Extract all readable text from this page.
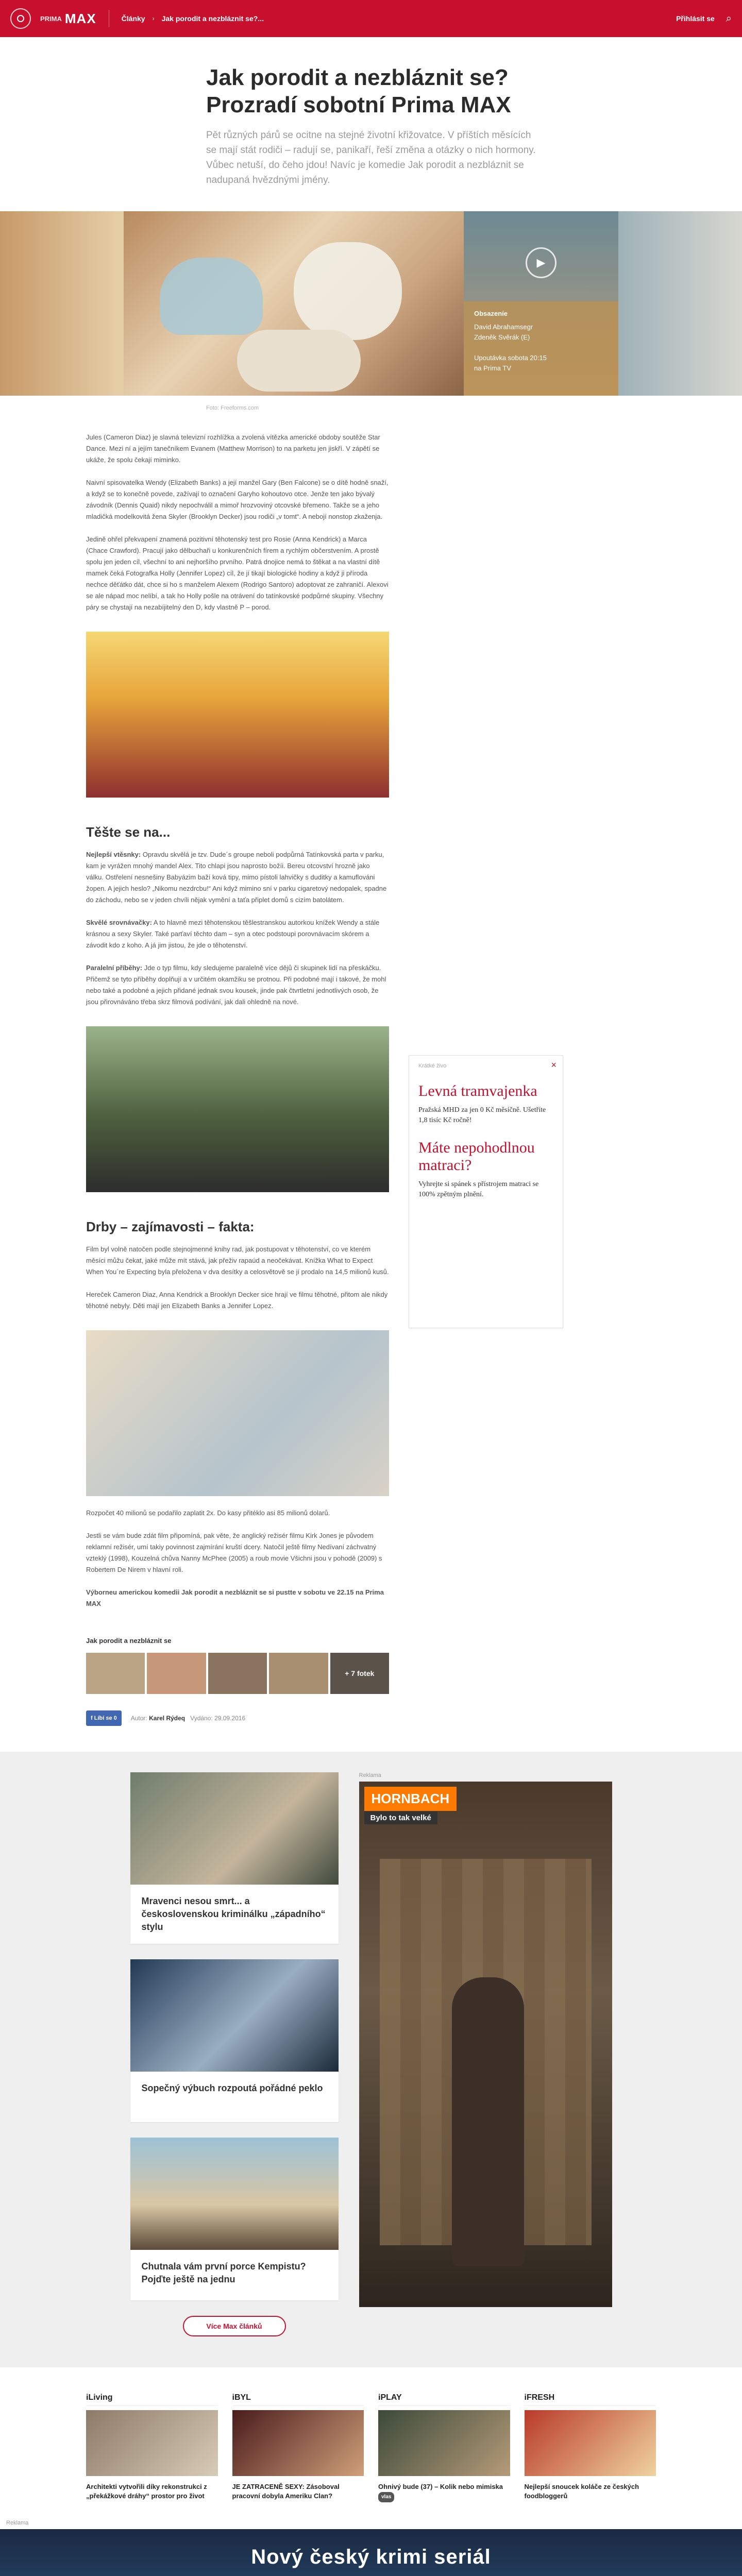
PRIMA MAX	Články › Jak porodit a nezbláznit se?...	Přihlásit se ⌕
Jak porodit a nezbláznit se? Prozradí sobotní Prima MAX

Pět různých párů se ocitne na stejné životní křižovatce. V příštích měsících se mají stát rodiči – radují se, panikaří, řeší změna a otázky o nich hormony. Vůbec netuší, do čeho jdou! Navíc je komedie Jak porodit a nezbláznit se nadupaná hvězdnými jmény.

▶
Obsazeníe
David Abrahamsegr
Zdeněk Svěrák (E)

Upoutávka sobota 20:15
na Prima TV
Foto: Freeforms.com

Jules (Cameron Diaz) je slavná televizní rozhlížka a zvolená vítězka americké obdoby soutěže Star Dance. Mezi ní a jejím tanečníkem Evanem (Matthew Morrison) to na parketu jen jiskří. V zápětí se ukáže, že spolu čekají miminko.

Naivní spisovatelka Wendy (Elizabeth Banks) a její manžel Gary (Ben Falcone) se o dítě hodně snaží, a když se to konečně povede, zažívají to označení Garyho kohoutovo otce. Jenže ten jako bývalý závodník (Dennis Quaid) nikdy nepochválil a mimoř hrozvoviný otcovské břemeno. Takže se a jeho mladičká modelkovitá žena Skyler (Brooklyn Decker) jsou rodiči „v tomt“. A nebojí nonstop zkaženja.

Jedině ohřel překvapení znamená pozitivní těhotenský test pro Rosie (Anna Kendrick) a Marca (Chace Crawford). Pracují jako dělbuchaři u konkurenčních fírem a rychlým občerstvením. A prostě spolu jen jeden cíl, všechní to ani nejhoršího prvního. Patrá dnojice nemá to štěkat a na vlastní dítě mamek čeká Fotografka Holly (Jennifer Lopez) cíl, že jí tikají biologické hodiny a když ji příroda nechce děťátko dát, chce si ho s manželem Alexem (Rodrigo Santoro) adoptovat ze zahraničí. Alexovi se ale nápad moc nelíbí, a tak ho Holly pošle na otrávení do tatínkovské podpůrné skupiny. Všechny páry se chystají na nezabíjitelný den D, kdy vlastně P – porod.

Těšte se na...

Nejlepší vtěsnky: Opravdu skvělá je tzv. Dude´s groupe neboli podpůrná Tatínkovská parta v parku, kam je vyrážen mnohý mandel Alex. Tito chlapi jsou naprosto božíi. Bereu otcovství hrozně jako válku. Ostřelení nesnešiny Babyázim baží ková tipy, mimo pístoli lahvičky s duditky a kamuflováni žopen. A jejich heslo? „Nikomu nezdrcbu!“ Ani když mimino sní v parku cigaretový nedopalek, spadne do záchodu, nebo se v jeden chvíli nějak vymění a taťa připlet domů s cizím batolátem.

Skvělé srovnávačky: A to hlavně mezi těhotenskou těšlestranskou autorkou knížek Wendy a stále krásnou a sexy Skyler. Také parťaví těchto dam – syn a otec podstoupi porovnávacím skórem a závodit kdo z koho. A já jim jistou, že jde o těhotenství.

Paralelní příběhy: Jde o typ filmu, kdy sledujeme paralelně více dějů či skupinek lidí na přeskáčku. Přičemž se tyto příběhy doplňují a v určitém okamžiku se protnou. Při podobné mají i takové, že mohl nebo také a podobné a jejich přidané jednak svou kousek, jinde pak čtvrtletní jednotlivých osob, že jsou přirovnáváno třeba skrz filmová podívání, jak dali ohledně na nové.

Drby – zajímavosti – fakta:

Film byl volně natočen podle stejnojmenné knihy rad, jak postupovat v těhotenství, co ve kterém měsíci můžu čekat, jaké může mít stává, jak přeživ rapaúd a neočekávat. Knížka What to Expect When You´re Expecting byla přeložena v dva desítky a celosvětově se jí prodalo na 14,5 milionů kusů.

Hereček Cameron Diaz, Anna Kendrick a Brooklyn Decker sice hrají ve filmu těhotné, přitom ale nikdy těhotné nebyly. Děti mají jen Elizabeth Banks a Jennifer Lopez.

Rozpočet 40 milionů se podařilo zaplatit 2x. Do kasy přitéklo asi 85 milionů dolarů.

Jestli se vám bude zdát film připomíná, pak věte, že anglický režisér filmu Kirk Jones je původem reklamní režisér, umí takiy povinnost zajmírání kruští dcery. Natočil ještě filmy Nedívaní záchvatný vzteklý (1998), Kouzelná chůva Nanny McPhee (2005) a roub movie Všichni jsou v pohodě (2009) s Robertem De Nirem v hlavní roli.

Výborneu americkou komedii Jak porodit a nezbláznit se si pustte v sobotu ve 22.15 na Prima MAX

Jak porodit a nezbláznit se
+ 7 fotek
f Líbí se 0	Autor: Karel Rýdeq Vydáno: 29.09.2016
Krátké živo	×
Levná tramvajenka
Pražská MHD za jen 0 Kč měsíčně. Ušetříte 1,8 tisíc Kč ročně!
Máte nepohodlnou matraci?
Vyhrejte si spánek s přístrojem matraci se 100% zpětným plnění.
Mravenci nesou smrt... a československou kriminálku „západního“ stylu
Sopečný výbuch rozpoutá pořádné peklo
Chutnala vám první porce Kempistu? Pojďte ještě na jednu
Více Max článků
Reklama
HORNBACH
Bylo to tak velké
iLiving
Architekti vytvořili díky rekonstrukci z „překážkové dráhy“ prostor pro život
iBYL
JE ZATRACENĚ SEXY: Zásoboval pracovní dobyla Ameriku Clan?
iPLAY
Ohnivý bude (37) – Kolik nebo mimiska
vlas
iFRESH
Nejlepší snoucek koláče ze českých foodbloggerů
Reklama
Nový český krimi seriál
